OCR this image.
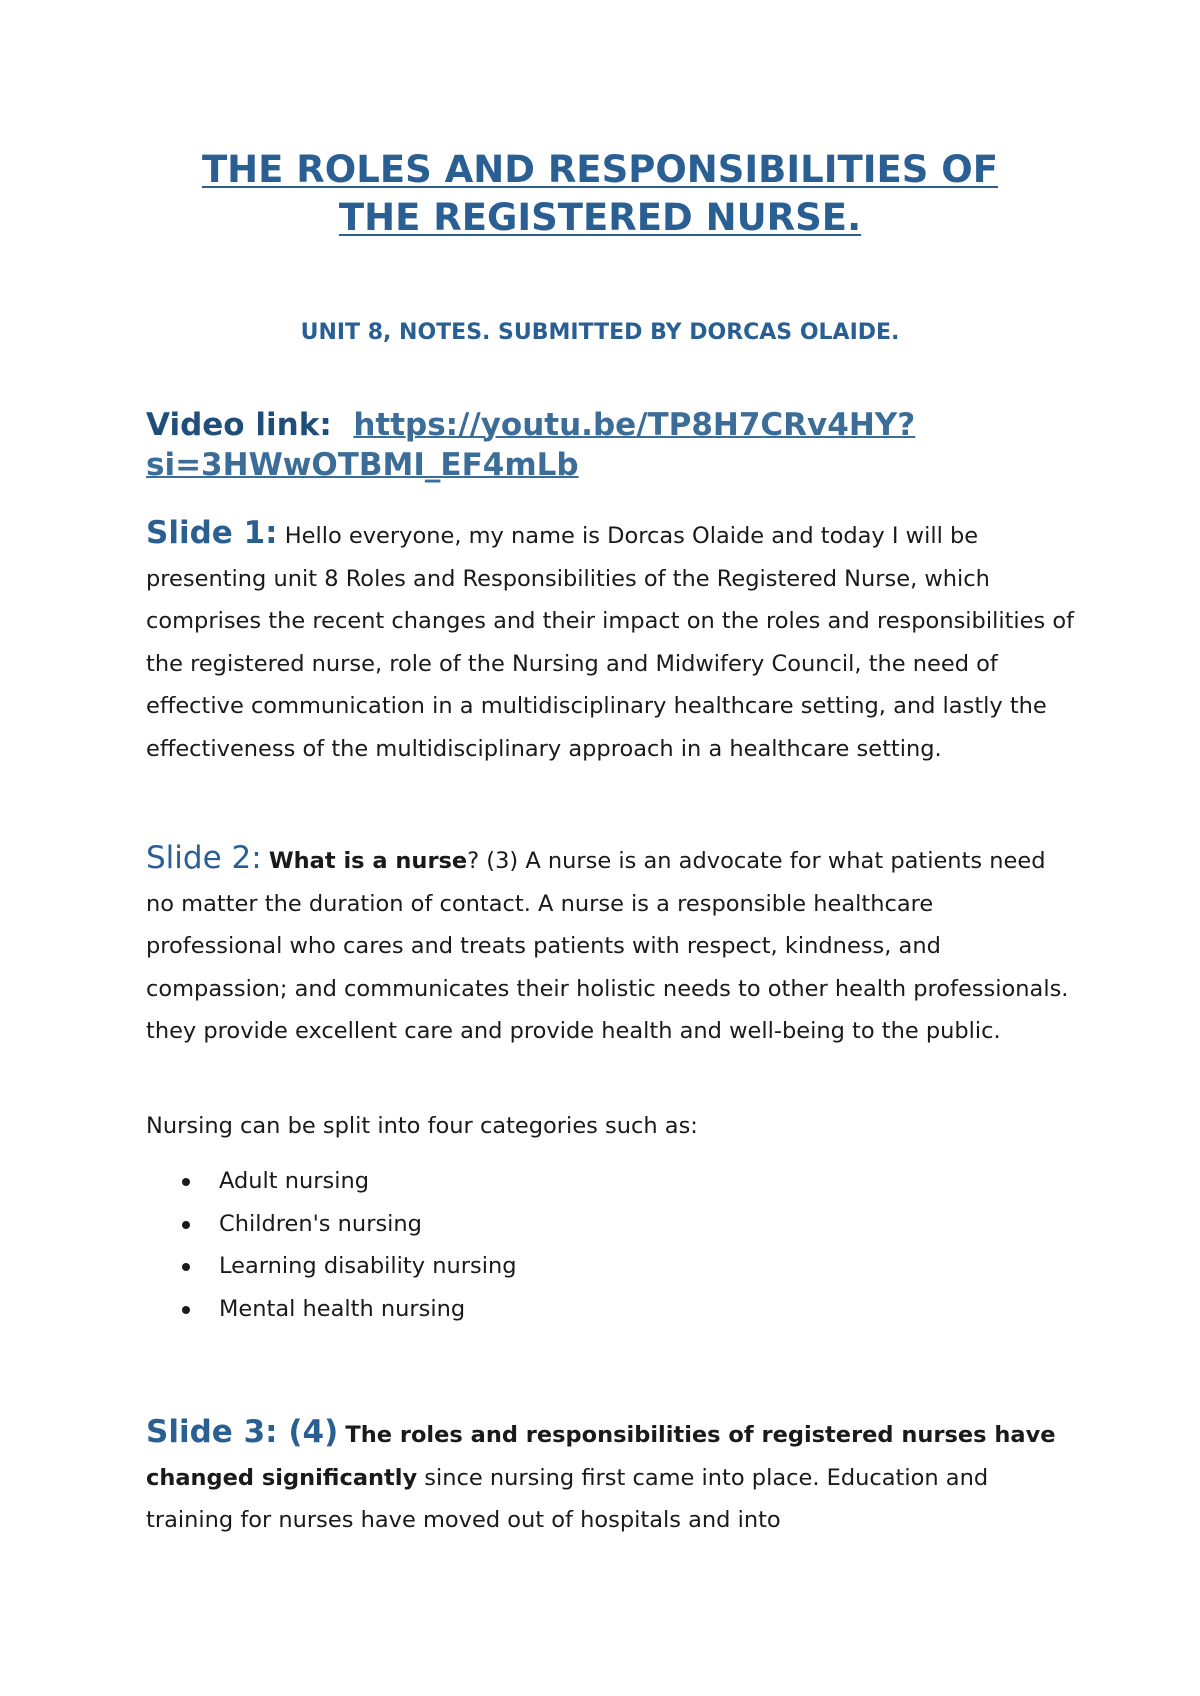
THE ROLES AND RESPONSIBILITIES OF
THE REGISTERED NURSE.
UNIT 8, NOTES. SUBMITTED BY DORCAS OLAIDE.
Video link: https://youtu.be/TP8H7CRv4HY?
si=3HWwOTBMI_EF4mLb
Slide 1: Hello everyone, my name is Dorcas Olaide and today I will be presenting unit 8 Roles and Responsibilities of the Registered Nurse, which comprises the recent changes and their impact on the roles and responsibilities of the registered nurse, role of the Nursing and Midwifery Council, the need of effective communication in a multidisciplinary healthcare setting, and lastly the effectiveness of the multidisciplinary approach in a healthcare setting.
Slide 2: What is a nurse? (3) A nurse is an advocate for what patients need no matter the duration of contact. A nurse is a responsible healthcare professional who cares and treats patients with respect, kindness, and compassion; and communicates their holistic needs to other health professionals. they provide excellent care and provide health and well-being to the public.
Nursing can be split into four categories such as:
Adult nursing
Children's nursing
Learning disability nursing
Mental health nursing
Slide 3: (4) The roles and responsibilities of registered nurses have changed significantly since nursing first came into place. Education and training for nurses have moved out of hospitals and into
